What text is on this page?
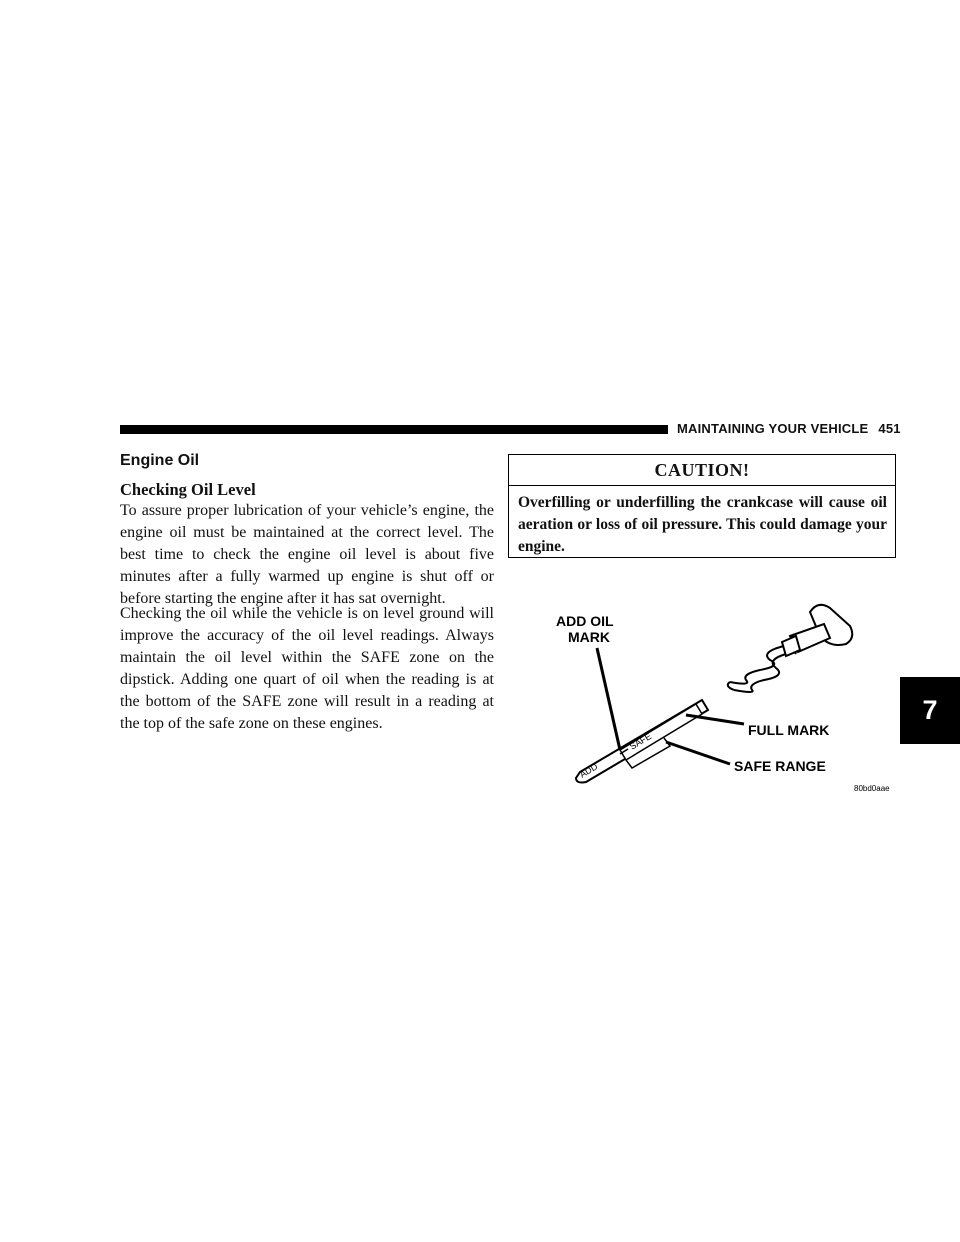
MAINTAINING YOUR VEHICLE 451
Engine Oil
Checking Oil Level

To assure proper lubrication of your vehicle’s engine, the engine oil must be maintained at the correct level. The best time to check the engine oil level is about five minutes after a fully warmed up engine is shut off or before starting the engine after it has sat overnight.

Checking the oil while the vehicle is on level ground will improve the accuracy of the oil level readings. Always maintain the oil level within the SAFE zone on the dipstick. Adding one quart of oil when the reading is at the bottom of the SAFE zone will result in a reading at the top of the safe zone on these engines.

CAUTION!
Overfilling or underfilling the crankcase will cause oil aeration or loss of oil pressure. This could damage your engine.
ADD
SAFE
ADD OIL
MARK
FULL MARK
SAFE RANGE
80bd0aae
7
